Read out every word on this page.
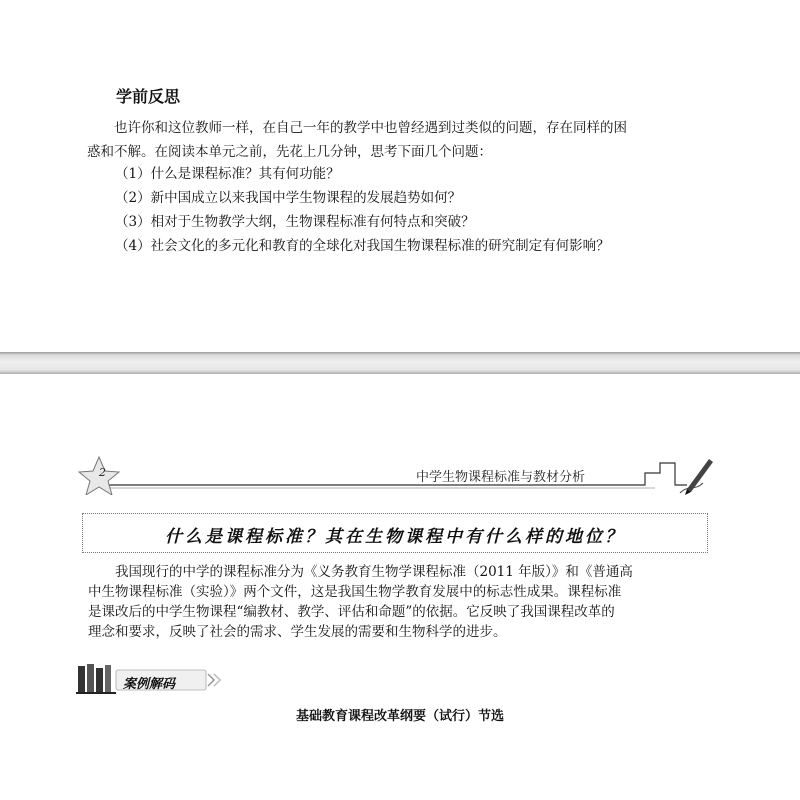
学前反思
也许你和这位教师一样，在自己一年的教学中也曾经遇到过类似的问题，存在同样的困
惑和不解。在阅读本单元之前，先花上几分钟，思考下面几个问题：
（1）什么是课程标准？其有何功能？
（2）新中国成立以来我国中学生物课程的发展趋势如何？
（3）相对于生物教学大纲，生物课程标准有何特点和突破？
（4）社会文化的多元化和教育的全球化对我国生物课程标准的研究制定有何影响？
2	中学生物课程标准与教材分析
什么是课程标准？其在生物课程中有什么样的地位？
我国现行的中学的课程标准分为《义务教育生物学课程标准（2011 年版）》和《普通高
中生物课程标准（实验）》两个文件，这是我国生物学教育发展中的标志性成果。课程标准
是课改后的中学生物课程“编教材、教学、评估和命题”的依据。它反映了我国课程改革的
理念和要求，反映了社会的需求、学生发展的需要和生物科学的进步。
案例解码
基础教育课程改革纲要（试行）节选
